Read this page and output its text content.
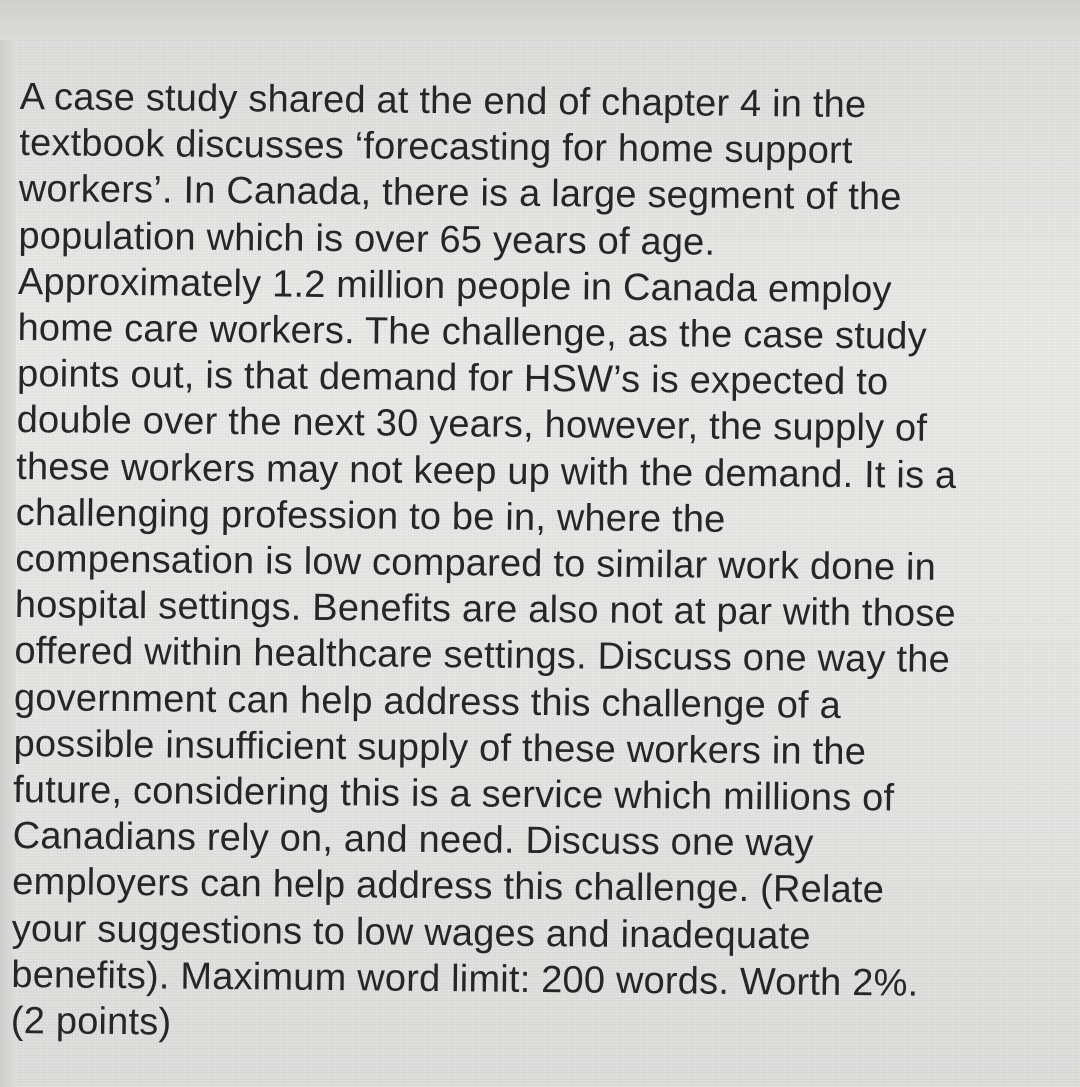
A case study shared at the end of chapter 4 in the
textbook discusses ‘forecasting for home support
workers’. In Canada, there is a large segment of the
population which is over 65 years of age.
Approximately 1.2 million people in Canada employ
home care workers. The challenge, as the case study
points out, is that demand for HSW’s is expected to
double over the next 30 years, however, the supply of
these workers may not keep up with the demand. It is a
challenging profession to be in, where the
compensation is low compared to similar work done in
hospital settings. Benefits are also not at par with those
offered within healthcare settings. Discuss one way the
government can help address this challenge of a
possible insufficient supply of these workers in the
future, considering this is a service which millions of
Canadians rely on, and need. Discuss one way
employers can help address this challenge. (Relate
your suggestions to low wages and inadequate
benefits). Maximum word limit: 200 words. Worth 2%.
(2 points)
